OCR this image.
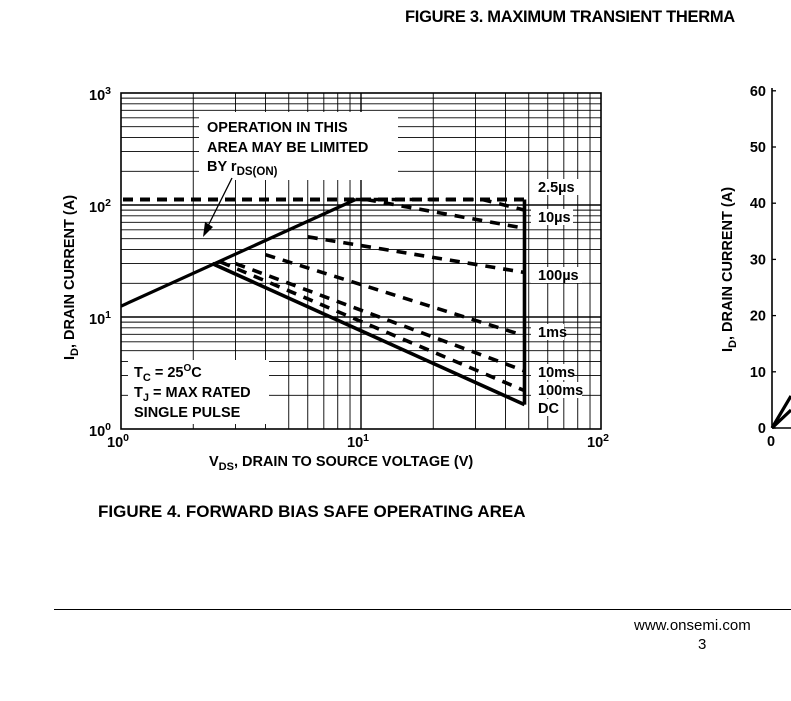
FIGURE 3. MAXIMUM TRANSIENT THERMA
$10^0$	$10^1$	$10^2$
$10^0$
$10^1$
$10^2$
$10^3$
OPERATION IN THIS
AREA MAY BE LIMITED
BY $r_{DS(ON)}$
$T_C = 25^OC$
$T_J$ = MAX RATED
SINGLE PULSE
2.5µs
10µs
100µs
1ms
10ms
100ms
DC
$V_{DS}$, DRAIN TO SOURCE VOLTAGE (V)
$I_D$, DRAIN CURRENT (A)
0
10
20
30
40
50
60
0
$I_D$, DRAIN CURRENT (A)
FIGURE 4. FORWARD BIAS SAFE OPERATING AREA
www.onsemi.com
3
